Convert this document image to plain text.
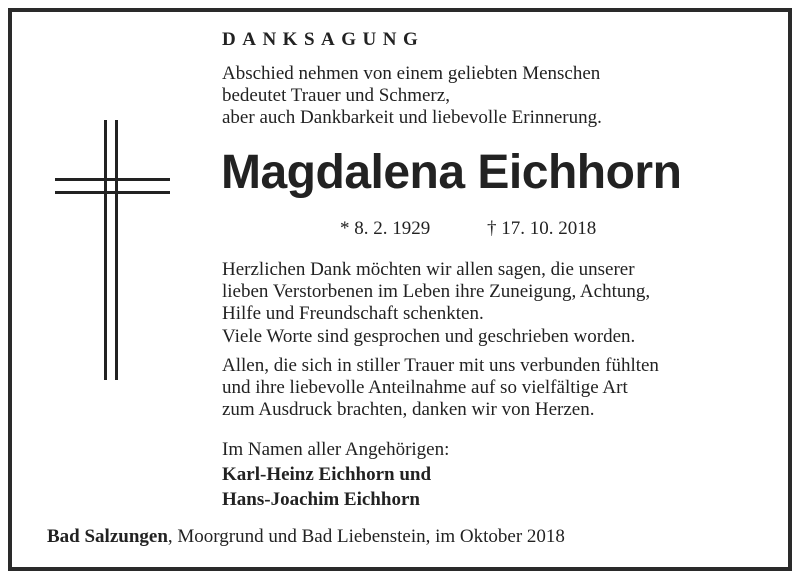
DANKSAGUNG
Abschied nehmen von einem geliebten Menschen
bedeutet Trauer und Schmerz,
aber auch Dankbarkeit und liebevolle Erinnerung.
Magdalena Eichhorn
* 8. 2. 1929	† 17. 10. 2018
Herzlichen Dank möchten wir allen sagen, die unserer
lieben Verstorbenen im Leben ihre Zuneigung, Achtung,
Hilfe und Freundschaft schenkten.
Viele Worte sind gesprochen und geschrieben worden.
Allen, die sich in stiller Trauer mit uns verbunden fühlten
und ihre liebevolle Anteilnahme auf so vielfältige Art
zum Ausdruck brachten, danken wir von Herzen.
Im Namen aller Angehörigen:
Karl-Heinz Eichhorn und
Hans-Joachim Eichhorn
Bad Salzungen, Moorgrund und Bad Liebenstein, im Oktober 2018
